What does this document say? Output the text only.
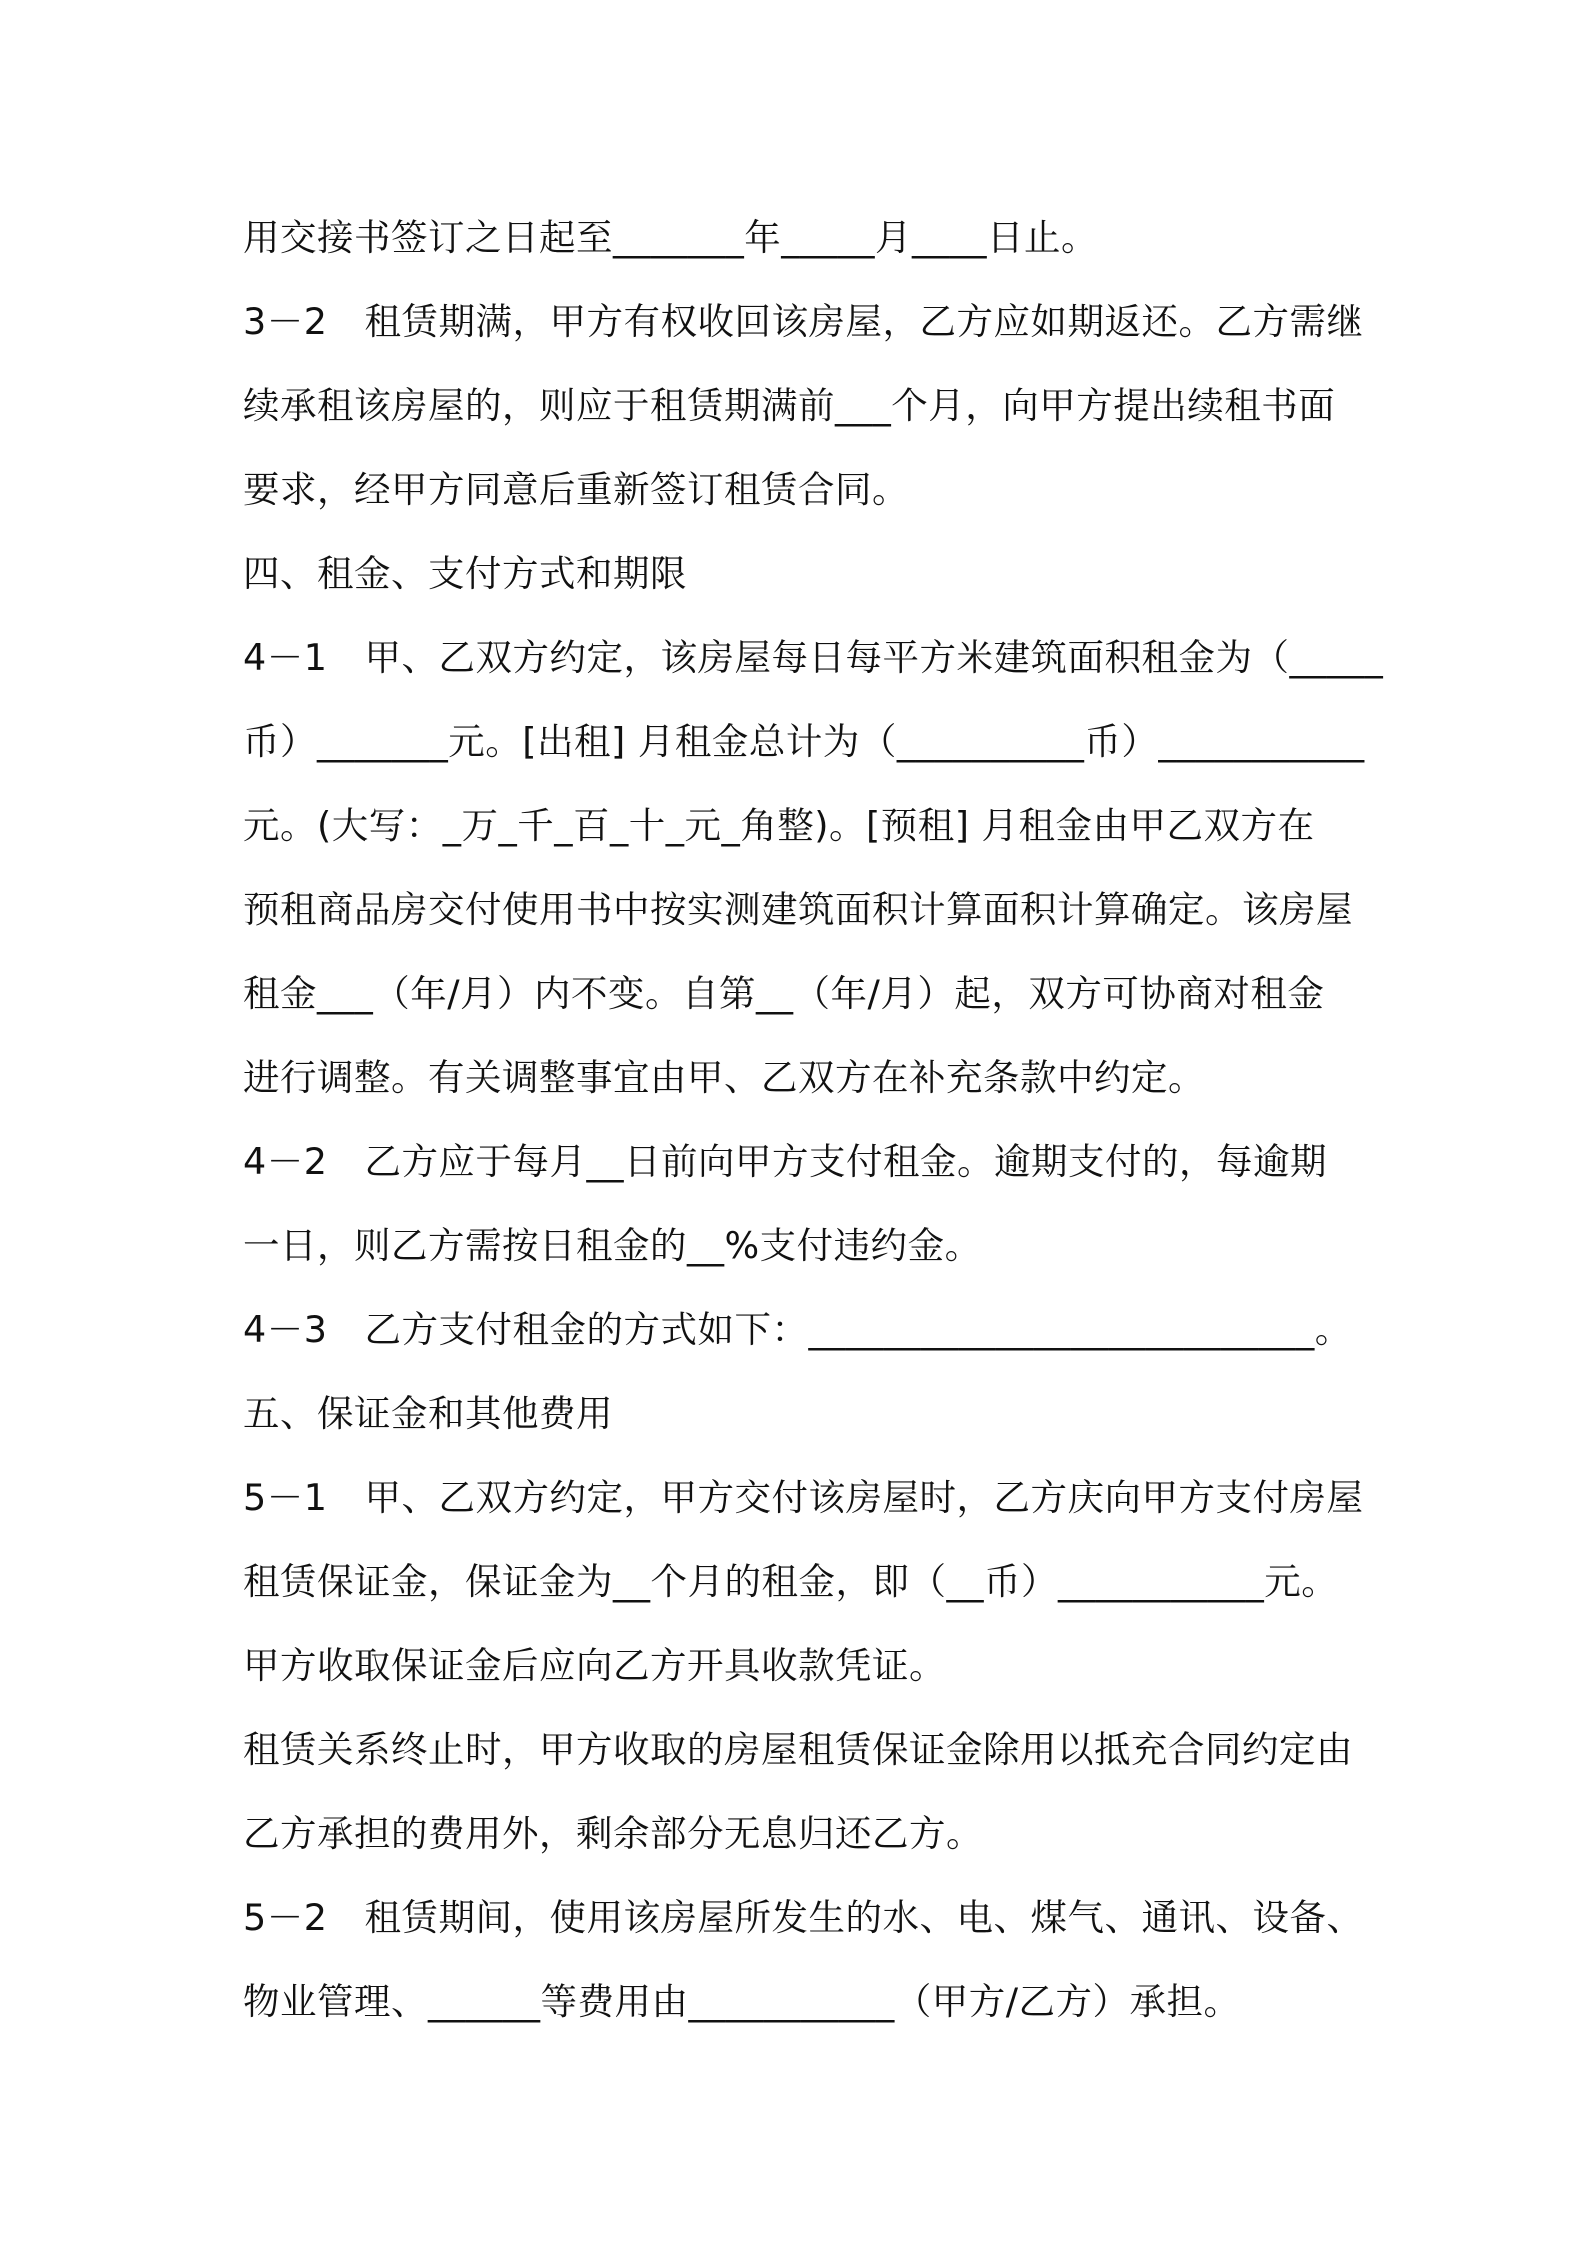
用交接书签订之日起至_______年_____月____日止。
3－2　租赁期满，甲方有权收回该房屋，乙方应如期返还。乙方需继
续承租该房屋的，则应于租赁期满前___个月，向甲方提出续租书面
要求，经甲方同意后重新签订租赁合同。
四、租金、支付方式和期限
4－1　甲、乙双方约定，该房屋每日每平方米建筑面积租金为（_____
币）_______元。[出租] 月租金总计为（__________币）___________
元。(大写：_万_千_百_十_元_角整)。[预租] 月租金由甲乙双方在
预租商品房交付使用书中按实测建筑面积计算面积计算确定。该房屋
租金___（年/月）内不变。自第__（年/月）起，双方可协商对租金
进行调整。有关调整事宜由甲、乙双方在补充条款中约定。
4－2　乙方应于每月__日前向甲方支付租金。逾期支付的，每逾期
一日，则乙方需按日租金的__%支付违约金。
4－3　乙方支付租金的方式如下：___________________________。
五、保证金和其他费用
5－1　甲、乙双方约定，甲方交付该房屋时，乙方庆向甲方支付房屋
租赁保证金，保证金为__个月的租金，即（__币）___________元。
甲方收取保证金后应向乙方开具收款凭证。
租赁关系终止时，甲方收取的房屋租赁保证金除用以抵充合同约定由
乙方承担的费用外，剩余部分无息归还乙方。
5－2　租赁期间，使用该房屋所发生的水、电、煤气、通讯、设备、
物业管理、______等费用由___________（甲方/乙方）承担。
